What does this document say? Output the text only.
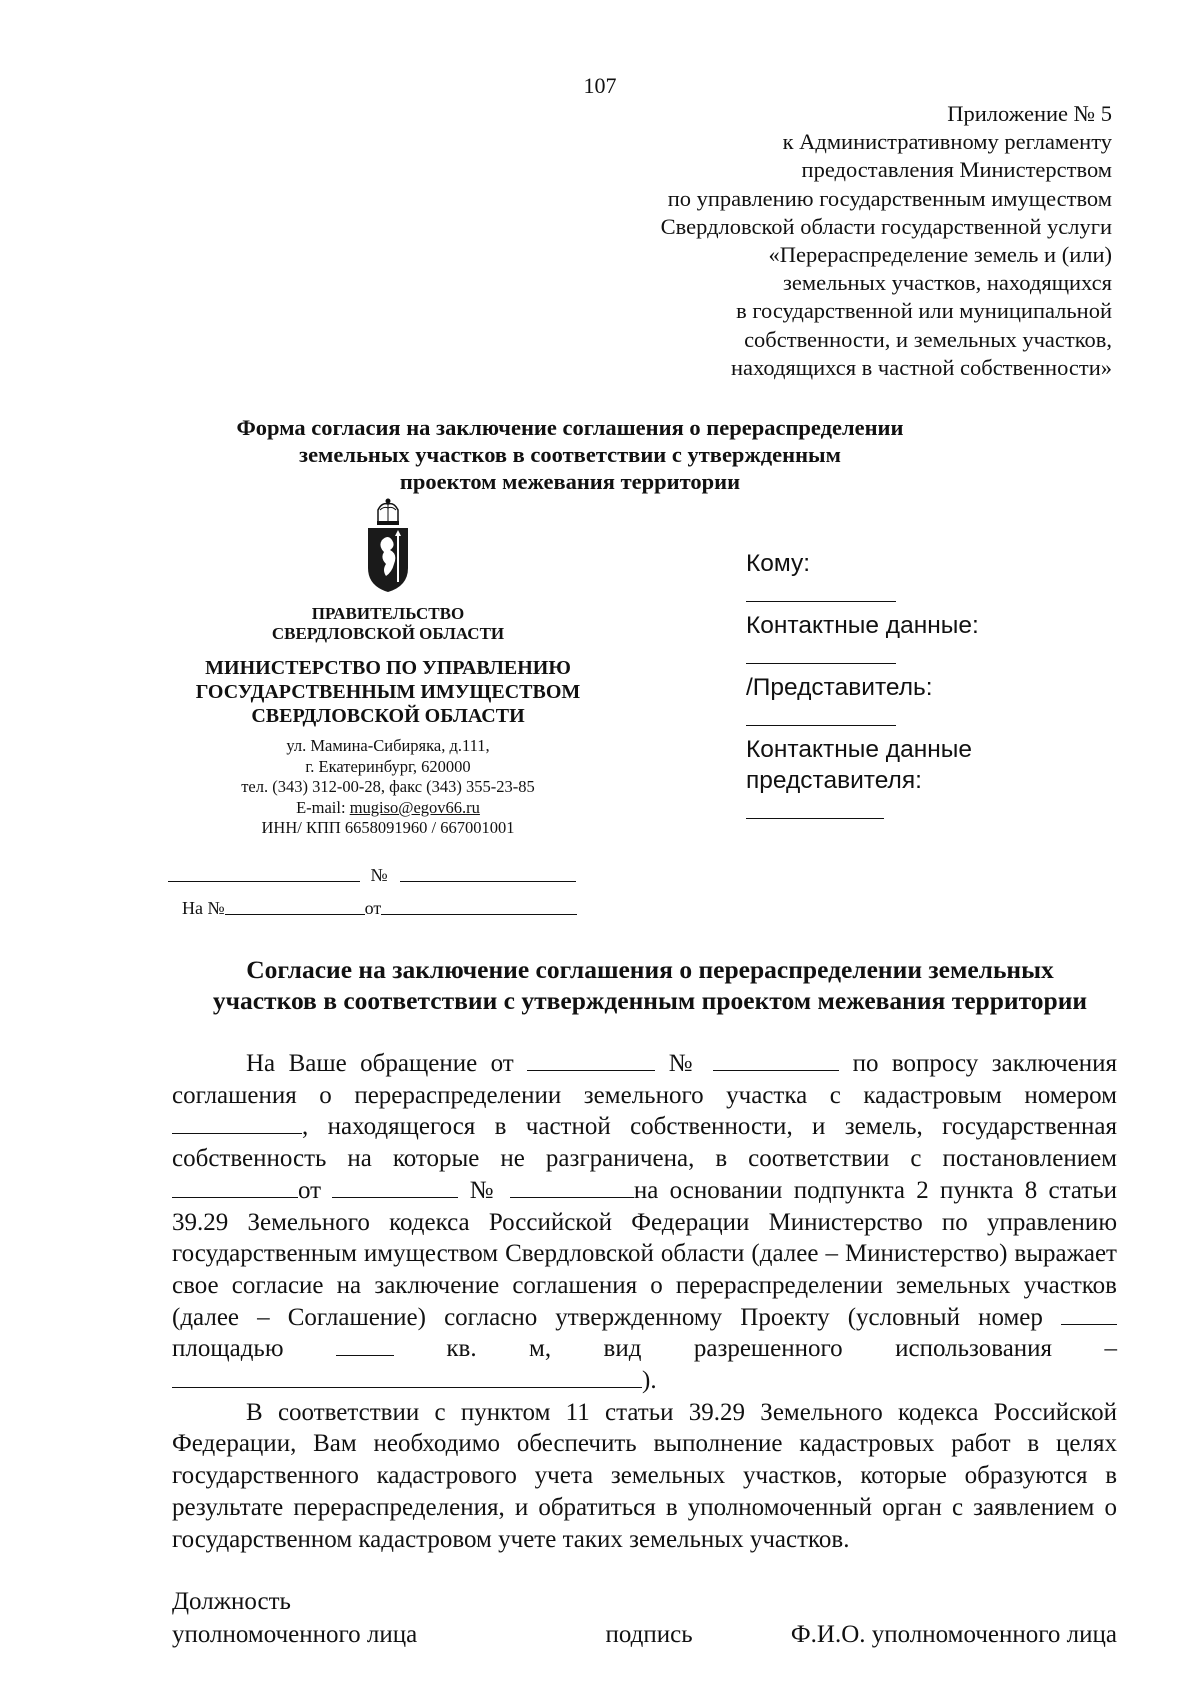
107
Приложение № 5
к Административному регламенту
предоставления Министерством
по управлению государственным имуществом
Свердловской области государственной услуги
«Перераспределение земель и (или)
земельных участков, находящихся
в государственной или муниципальной
собственности, и земельных участков,
находящихся в частной собственности»
Форма согласия на заключение соглашения о перераспределении
земельных участков в соответствии с утвержденным
проектом межевания территории
ПРАВИТЕЛЬСТВО
СВЕРДЛОВСКОЙ ОБЛАСТИ
МИНИСТЕРСТВО ПО УПРАВЛЕНИЮ
ГОСУДАРСТВЕННЫМ ИМУЩЕСТВОМ
СВЕРДЛОВСКОЙ ОБЛАСТИ
ул. Мамина-Сибиряка, д.111,
г. Екатеринбург, 620000
тел. (343) 312-00-28, факс (343) 355-23-85
E-mail: mugiso@egov66.ru
ИНН/ КПП 6658091960 / 667001001
№
На №	от
Кому:
Контактные данные:
/Представитель:
Контактные данные
представителя:
Согласие на заключение соглашения о перераспределении земельных
участков в соответствии с утвержденным проектом межевания территории

На Ваше обращение от	№	по вопросу заключения соглашения о перераспределении земельного участка с кадастровым номером , находящегося в частной собственности, и земель, государственная собственность на которые не разграничена, в соответствии с постановлением от	№	на основании подпункта 2 пункта 8 статьи 39.29 Земельного кодекса Российской Федерации Министерство по управлению государственным имуществом Свердловской области (далее – Министерство) выражает свое согласие на заключение соглашения о перераспределении земельных участков (далее – Соглашение) согласно утвержденному Проекту (условный номер  площадью  кв. м, вид разрешенного использования – ).

В соответствии с пунктом 11 статьи 39.29 Земельного кодекса Российской Федерации, Вам необходимо обеспечить выполнение кадастровых работ в целях государственного кадастрового учета земельных участков, которые образуются в результате перераспределения, и обратиться в уполномоченный орган с заявлением о государственном кадастровом учете таких земельных участков.

Должность
уполномоченного лица	подпись	Ф.И.О. уполномоченного лица
